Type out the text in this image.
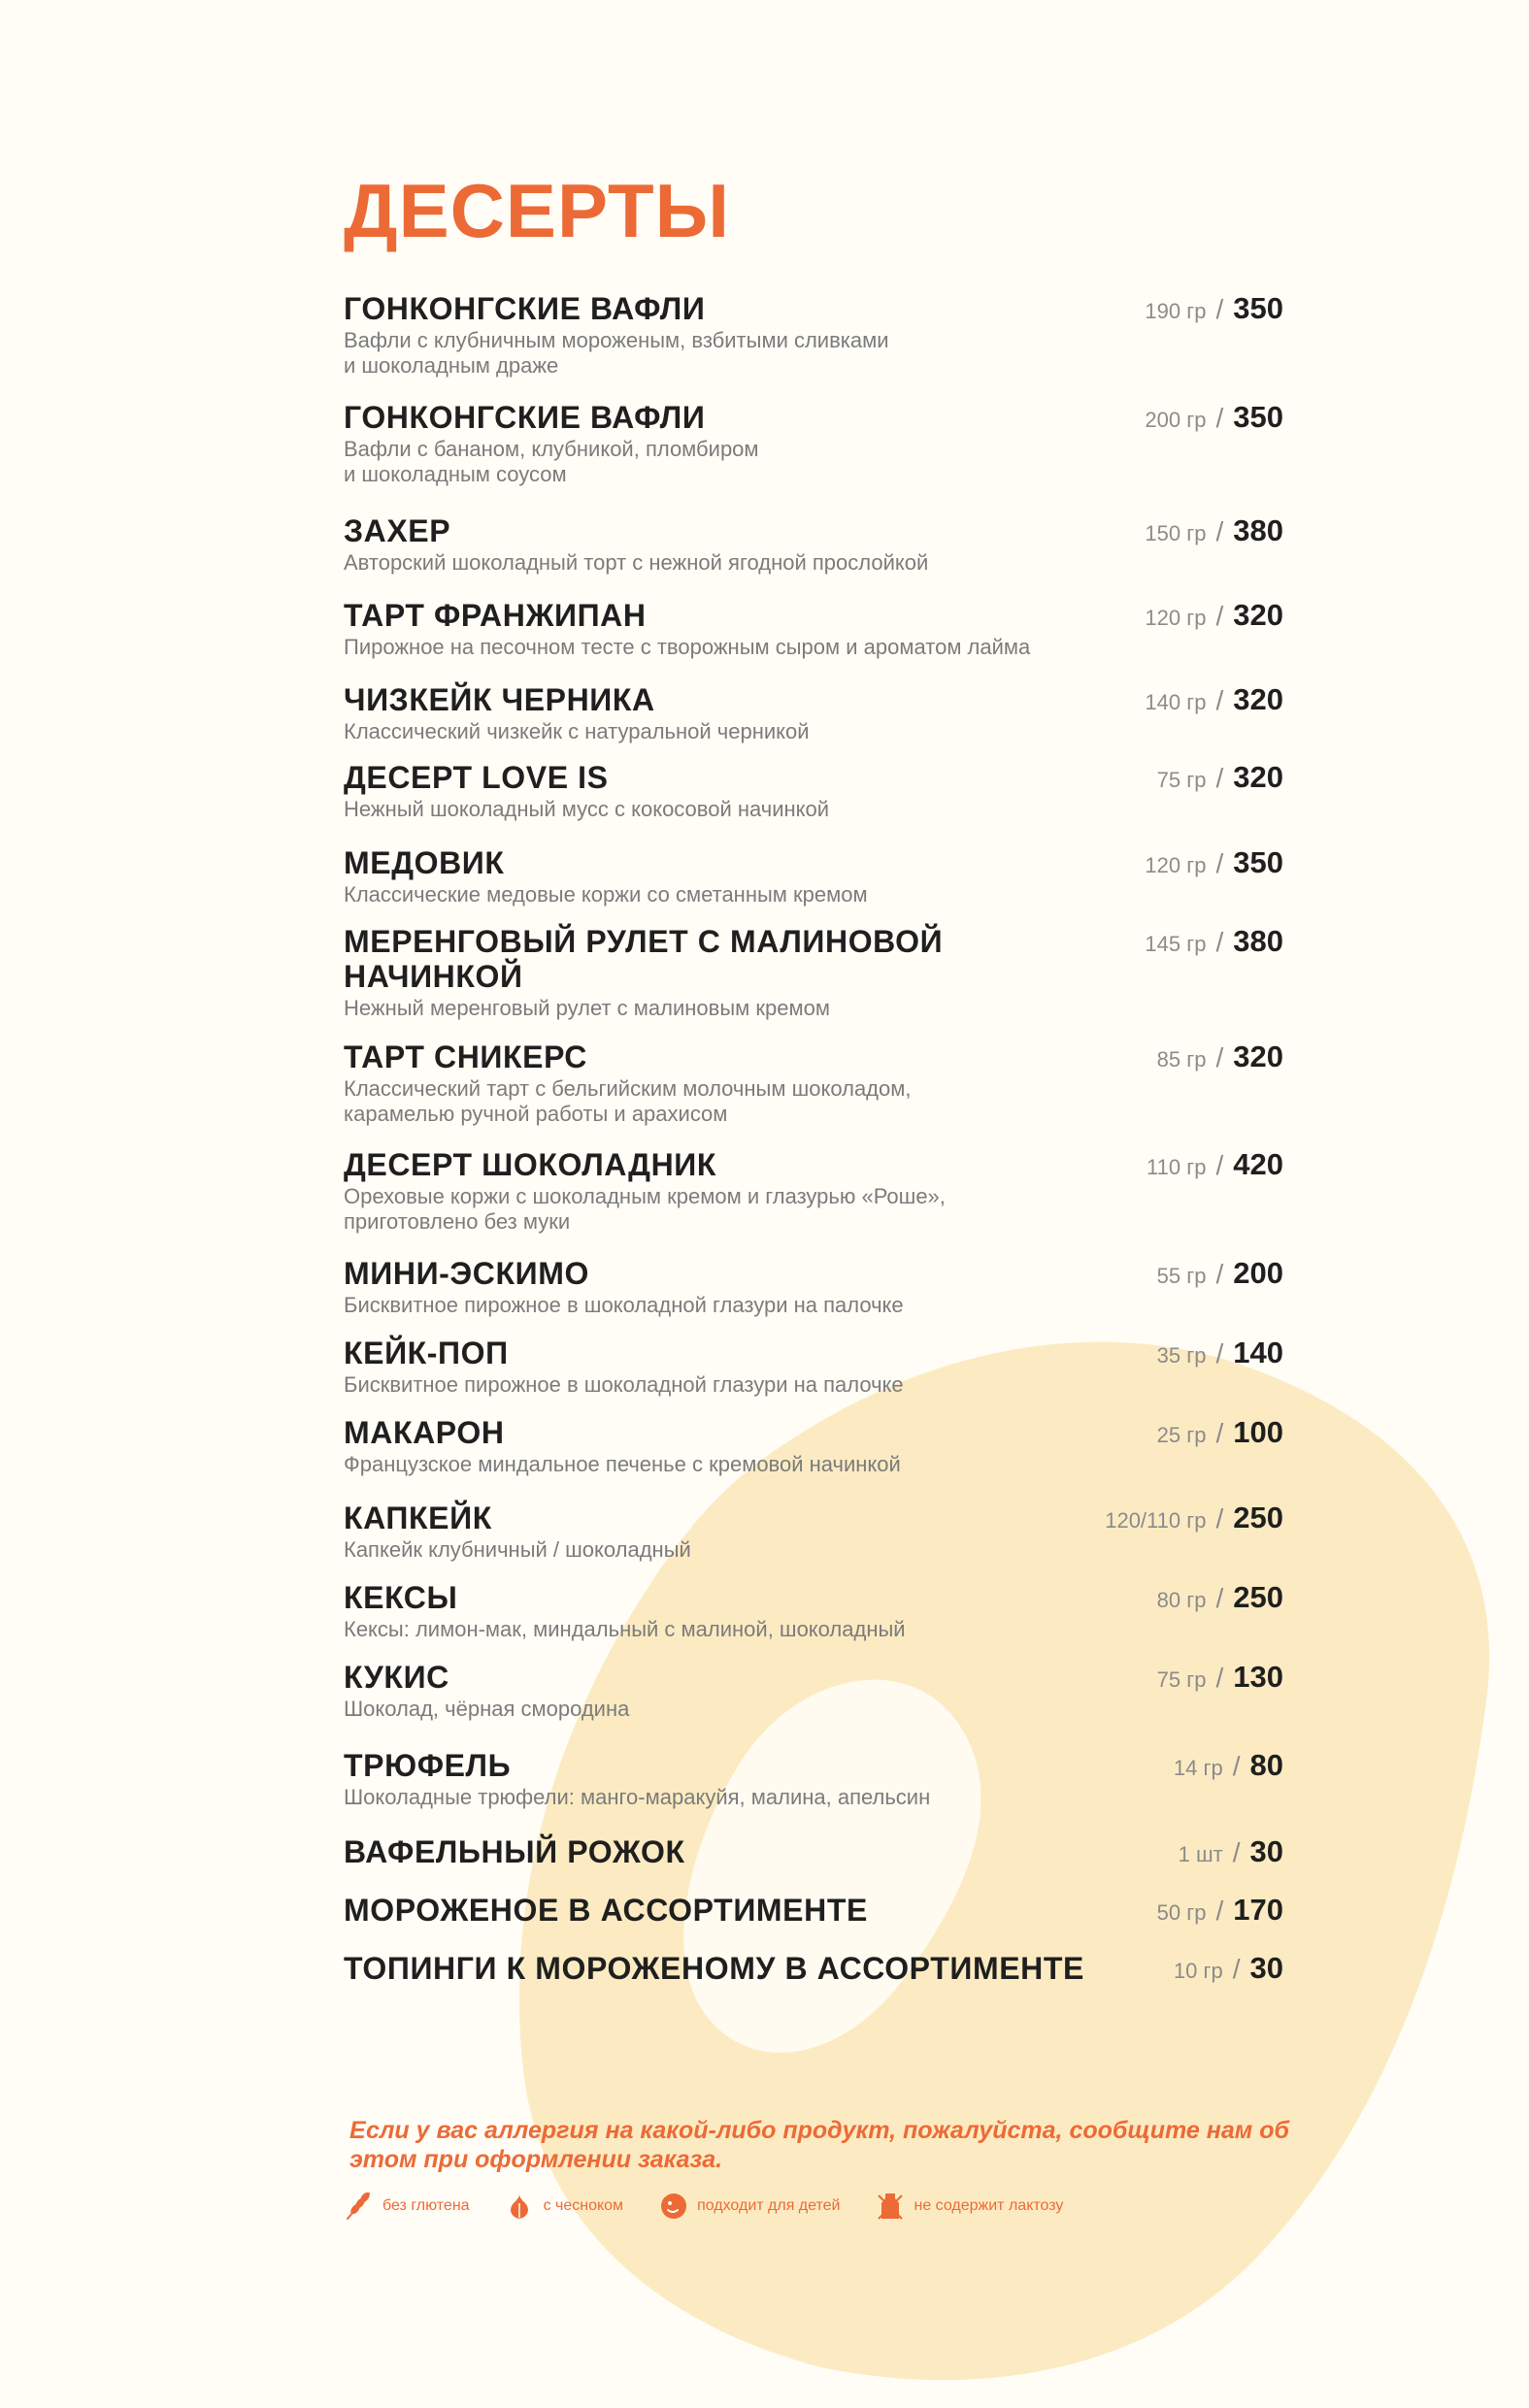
ДЕСЕРТЫ
ГОНКОНГСКИЕ ВАФЛИ
Вафли с клубничным мороженым, взбитыми сливками
и шоколадным драже
190 гр / 350
ГОНКОНГСКИЕ ВАФЛИ
Вафли с бананом, клубникой, пломбиром
и шоколадным соусом
200 гр / 350
ЗАХЕР
Авторский шоколадный торт с нежной ягодной прослойкой
150 гр / 380
ТАРТ ФРАНЖИПАН
Пирожное на песочном тесте с творожным сыром и ароматом лайма
120 гр / 320
ЧИЗКЕЙК ЧЕРНИКА
Классический чизкейк с натуральной черникой
140 гр / 320
ДЕСЕРТ LOVE IS
Нежный шоколадный мусс с кокосовой начинкой
75 гр / 320
МЕДОВИК
Классические медовые коржи со сметанным кремом
120 гр / 350
МЕРЕНГОВЫЙ РУЛЕТ С МАЛИНОВОЙ НАЧИНКОЙ
Нежный меренговый рулет с малиновым кремом
145 гр / 380
ТАРТ СНИКЕРС
Классический тарт с бельгийским молочным шоколадом,
карамелью ручной работы и арахисом
85 гр / 320
ДЕСЕРТ ШОКОЛАДНИК
Ореховые коржи с шоколадным кремом и глазурью «Роше»,
приготовлено без муки
110 гр / 420
МИНИ-ЭСКИМО
Бисквитное пирожное в шоколадной глазури на палочке
55 гр / 200
КЕЙК-ПОП
Бисквитное пирожное в шоколадной глазури на палочке
35 гр / 140
МАКАРОН
Французское миндальное печенье с кремовой начинкой
25 гр / 100
КАПКЕЙК
Капкейк клубничный / шоколадный
120/110 гр / 250
КЕКСЫ
Кексы: лимон-мак, миндальный с малиной, шоколадный
80 гр / 250
КУКИС
Шоколад, чёрная смородина
75 гр / 130
ТРЮФЕЛЬ
Шоколадные трюфели: манго-маракуйя, малина, апельсин
14 гр / 80
ВАФЕЛЬНЫЙ РОЖОК	1 шт / 30
МОРОЖЕНОЕ В АССОРТИМЕНТЕ	50 гр / 170
ТОПИНГИ К МОРОЖЕНОМУ В АССОРТИМЕНТЕ	10 гр / 30

Если у вас аллергия на какой-либо продукт, пожалуйста, сообщите нам об этом при оформлении заказа.

без глютена	с чесноком	подходит для детей	не содержит лактозу
